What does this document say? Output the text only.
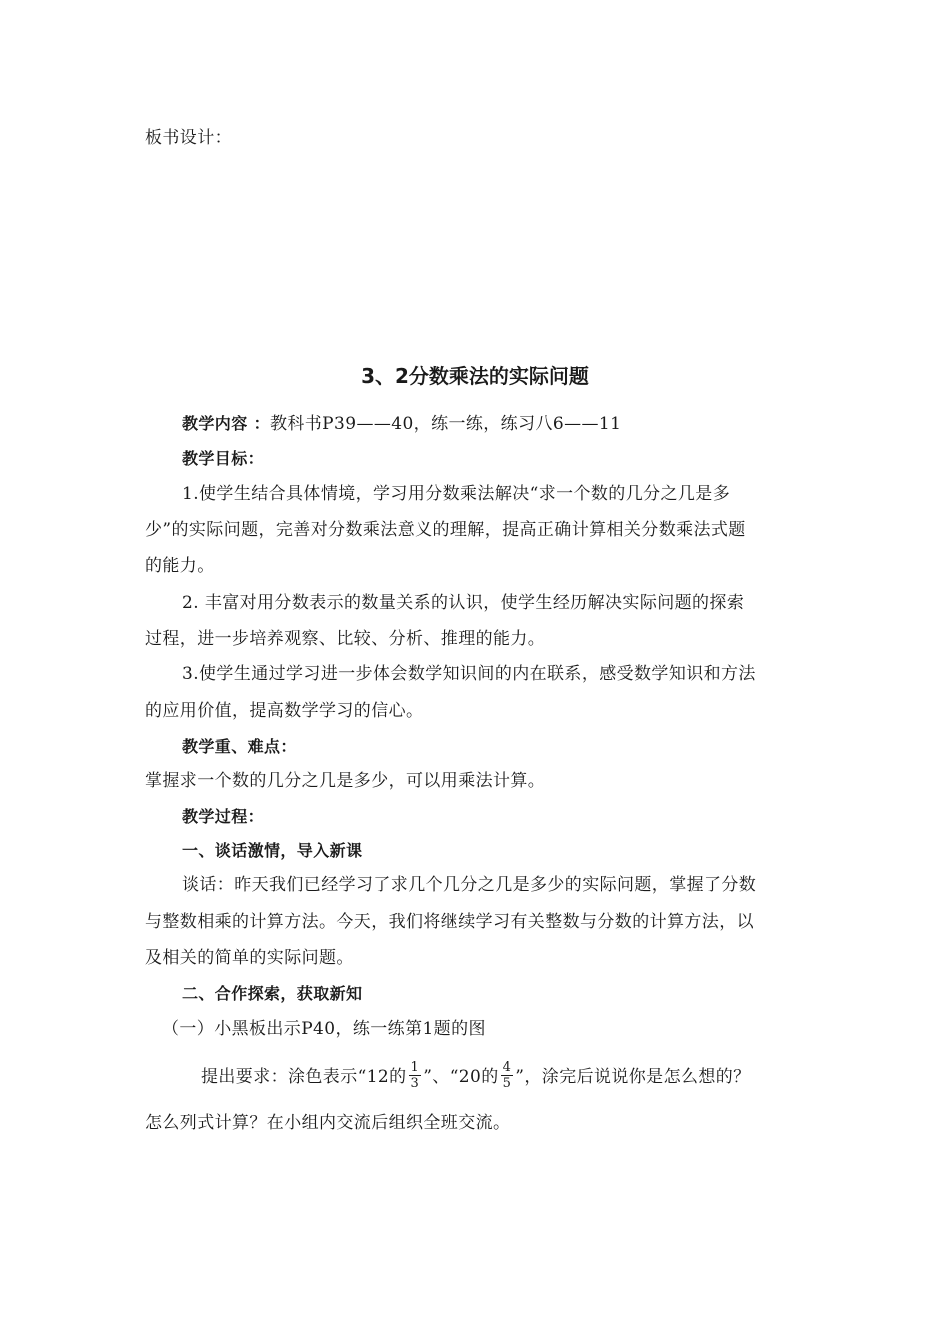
板书设计：
3、2分数乘法的实际问题
教学内容 ：教科书P39——40，练一练，练习八6——11
教学目标：
1.使学生结合具体情境，学习用分数乘法解决“求一个数的几分之几是多
少”的实际问题，完善对分数乘法意义的理解，提高正确计算相关分数乘法式题
的能力。
2. 丰富对用分数表示的数量关系的认识，使学生经历解决实际问题的探索
过程，进一步培养观察、比较、分析、推理的能力。
3.使学生通过学习进一步体会数学知识间的内在联系，感受数学知识和方法
的应用价值，提高数学学习的信心。
教学重、难点：
掌握求一个数的几分之几是多少，可以用乘法计算。
教学过程：
一、谈话激情，导入新课
谈话：昨天我们已经学习了求几个几分之几是多少的实际问题，掌握了分数
与整数相乘的计算方法。今天，我们将继续学习有关整数与分数的计算方法，以
及相关的简单的实际问题。
二、合作探索，获取新知
（一）小黑板出示P40，练一练第1题的图
提出要求：涂色表示“12的 $\frac{1}{3}$ ”、“20的 $\frac{4}{5}$ ”，涂完后说说你是怎么想的？
怎么列式计算？在小组内交流后组织全班交流。
